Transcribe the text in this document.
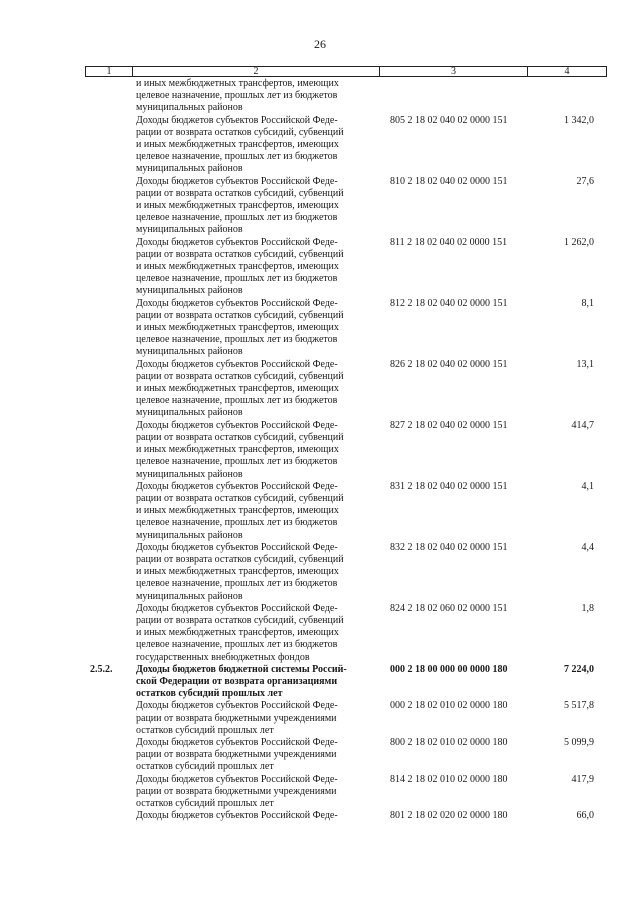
26
1	2	3	4
и иных межбюджетных трансфертов, имеющих
целевое назначение, прошлых лет из бюджетов
муниципальных районов
Доходы бюджетов субъектов Российской Феде-
рации от возврата остатков субсидий, субвенций
и иных межбюджетных трансфертов, имеющих
целевое назначение, прошлых лет из бюджетов
муниципальных районов
805 2 18 02 040 02 0000 151	1 342,0
Доходы бюджетов субъектов Российской Феде-
рации от возврата остатков субсидий, субвенций
и иных межбюджетных трансфертов, имеющих
целевое назначение, прошлых лет из бюджетов
муниципальных районов
810 2 18 02 040 02 0000 151	27,6
Доходы бюджетов субъектов Российской Феде-
рации от возврата остатков субсидий, субвенций
и иных межбюджетных трансфертов, имеющих
целевое назначение, прошлых лет из бюджетов
муниципальных районов
811 2 18 02 040 02 0000 151	1 262,0
Доходы бюджетов субъектов Российской Феде-
рации от возврата остатков субсидий, субвенций
и иных межбюджетных трансфертов, имеющих
целевое назначение, прошлых лет из бюджетов
муниципальных районов
812 2 18 02 040 02 0000 151	8,1
Доходы бюджетов субъектов Российской Феде-
рации от возврата остатков субсидий, субвенций
и иных межбюджетных трансфертов, имеющих
целевое назначение, прошлых лет из бюджетов
муниципальных районов
826 2 18 02 040 02 0000 151	13,1
Доходы бюджетов субъектов Российской Феде-
рации от возврата остатков субсидий, субвенций
и иных межбюджетных трансфертов, имеющих
целевое назначение, прошлых лет из бюджетов
муниципальных районов
827 2 18 02 040 02 0000 151	414,7
Доходы бюджетов субъектов Российской Феде-
рации от возврата остатков субсидий, субвенций
и иных межбюджетных трансфертов, имеющих
целевое назначение, прошлых лет из бюджетов
муниципальных районов
831 2 18 02 040 02 0000 151	4,1
Доходы бюджетов субъектов Российской Феде-
рации от возврата остатков субсидий, субвенций
и иных межбюджетных трансфертов, имеющих
целевое назначение, прошлых лет из бюджетов
муниципальных районов
832 2 18 02 040 02 0000 151	4,4
Доходы бюджетов субъектов Российской Феде-
рации от возврата остатков субсидий, субвенций
и иных межбюджетных трансфертов, имеющих
целевое назначение, прошлых лет из бюджетов
государственных внебюджетных фондов
824 2 18 02 060 02 0000 151	1,8
2.5.2.	Доходы бюджетов бюджетной системы Россий-
ской Федерации от возврата организациями
остатков субсидий прошлых лет
000 2 18 00 000 00 0000 180	7 224,0
Доходы бюджетов субъектов Российской Феде-
рации от возврата бюджетными учреждениями
остатков субсидий прошлых лет
000 2 18 02 010 02 0000 180	5 517,8
Доходы бюджетов субъектов Российской Феде-
рации от возврата бюджетными учреждениями
остатков субсидий прошлых лет
800 2 18 02 010 02 0000 180	5 099,9
Доходы бюджетов субъектов Российской Феде-
рации от возврата бюджетными учреждениями
остатков субсидий прошлых лет
814 2 18 02 010 02 0000 180	417,9
Доходы бюджетов субъектов Российской Феде-	801 2 18 02 020 02 0000 180	66,0
